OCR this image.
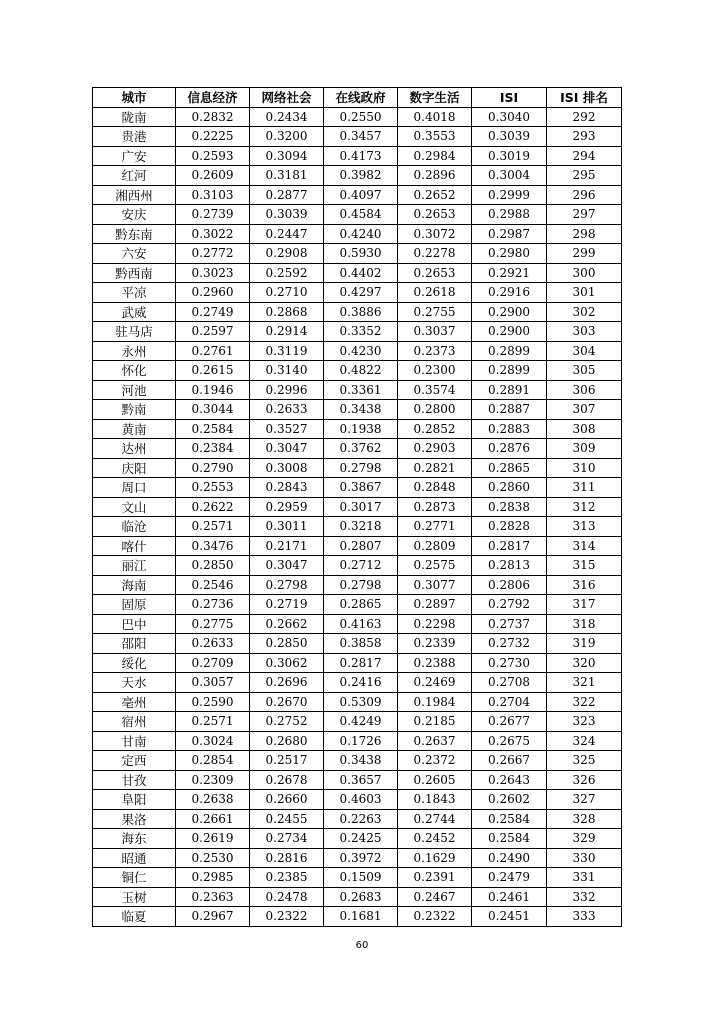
城市	信息经济	网络社会	在线政府	数字生活	ISI	ISI 排名
陇南	0.2832	0.2434	0.2550	0.4018	0.3040	292
贵港	0.2225	0.3200	0.3457	0.3553	0.3039	293
广安	0.2593	0.3094	0.4173	0.2984	0.3019	294
红河	0.2609	0.3181	0.3982	0.2896	0.3004	295
湘西州	0.3103	0.2877	0.4097	0.2652	0.2999	296
安庆	0.2739	0.3039	0.4584	0.2653	0.2988	297
黔东南	0.3022	0.2447	0.4240	0.3072	0.2987	298
六安	0.2772	0.2908	0.5930	0.2278	0.2980	299
黔西南	0.3023	0.2592	0.4402	0.2653	0.2921	300
平凉	0.2960	0.2710	0.4297	0.2618	0.2916	301
武威	0.2749	0.2868	0.3886	0.2755	0.2900	302
驻马店	0.2597	0.2914	0.3352	0.3037	0.2900	303
永州	0.2761	0.3119	0.4230	0.2373	0.2899	304
怀化	0.2615	0.3140	0.4822	0.2300	0.2899	305
河池	0.1946	0.2996	0.3361	0.3574	0.2891	306
黔南	0.3044	0.2633	0.3438	0.2800	0.2887	307
黄南	0.2584	0.3527	0.1938	0.2852	0.2883	308
达州	0.2384	0.3047	0.3762	0.2903	0.2876	309
庆阳	0.2790	0.3008	0.2798	0.2821	0.2865	310
周口	0.2553	0.2843	0.3867	0.2848	0.2860	311
文山	0.2622	0.2959	0.3017	0.2873	0.2838	312
临沧	0.2571	0.3011	0.3218	0.2771	0.2828	313
喀什	0.3476	0.2171	0.2807	0.2809	0.2817	314
丽江	0.2850	0.3047	0.2712	0.2575	0.2813	315
海南	0.2546	0.2798	0.2798	0.3077	0.2806	316
固原	0.2736	0.2719	0.2865	0.2897	0.2792	317
巴中	0.2775	0.2662	0.4163	0.2298	0.2737	318
邵阳	0.2633	0.2850	0.3858	0.2339	0.2732	319
绥化	0.2709	0.3062	0.2817	0.2388	0.2730	320
天水	0.3057	0.2696	0.2416	0.2469	0.2708	321
亳州	0.2590	0.2670	0.5309	0.1984	0.2704	322
宿州	0.2571	0.2752	0.4249	0.2185	0.2677	323
甘南	0.3024	0.2680	0.1726	0.2637	0.2675	324
定西	0.2854	0.2517	0.3438	0.2372	0.2667	325
甘孜	0.2309	0.2678	0.3657	0.2605	0.2643	326
阜阳	0.2638	0.2660	0.4603	0.1843	0.2602	327
果洛	0.2661	0.2455	0.2263	0.2744	0.2584	328
海东	0.2619	0.2734	0.2425	0.2452	0.2584	329
昭通	0.2530	0.2816	0.3972	0.1629	0.2490	330
铜仁	0.2985	0.2385	0.1509	0.2391	0.2479	331
玉树	0.2363	0.2478	0.2683	0.2467	0.2461	332
临夏	0.2967	0.2322	0.1681	0.2322	0.2451	333
60
